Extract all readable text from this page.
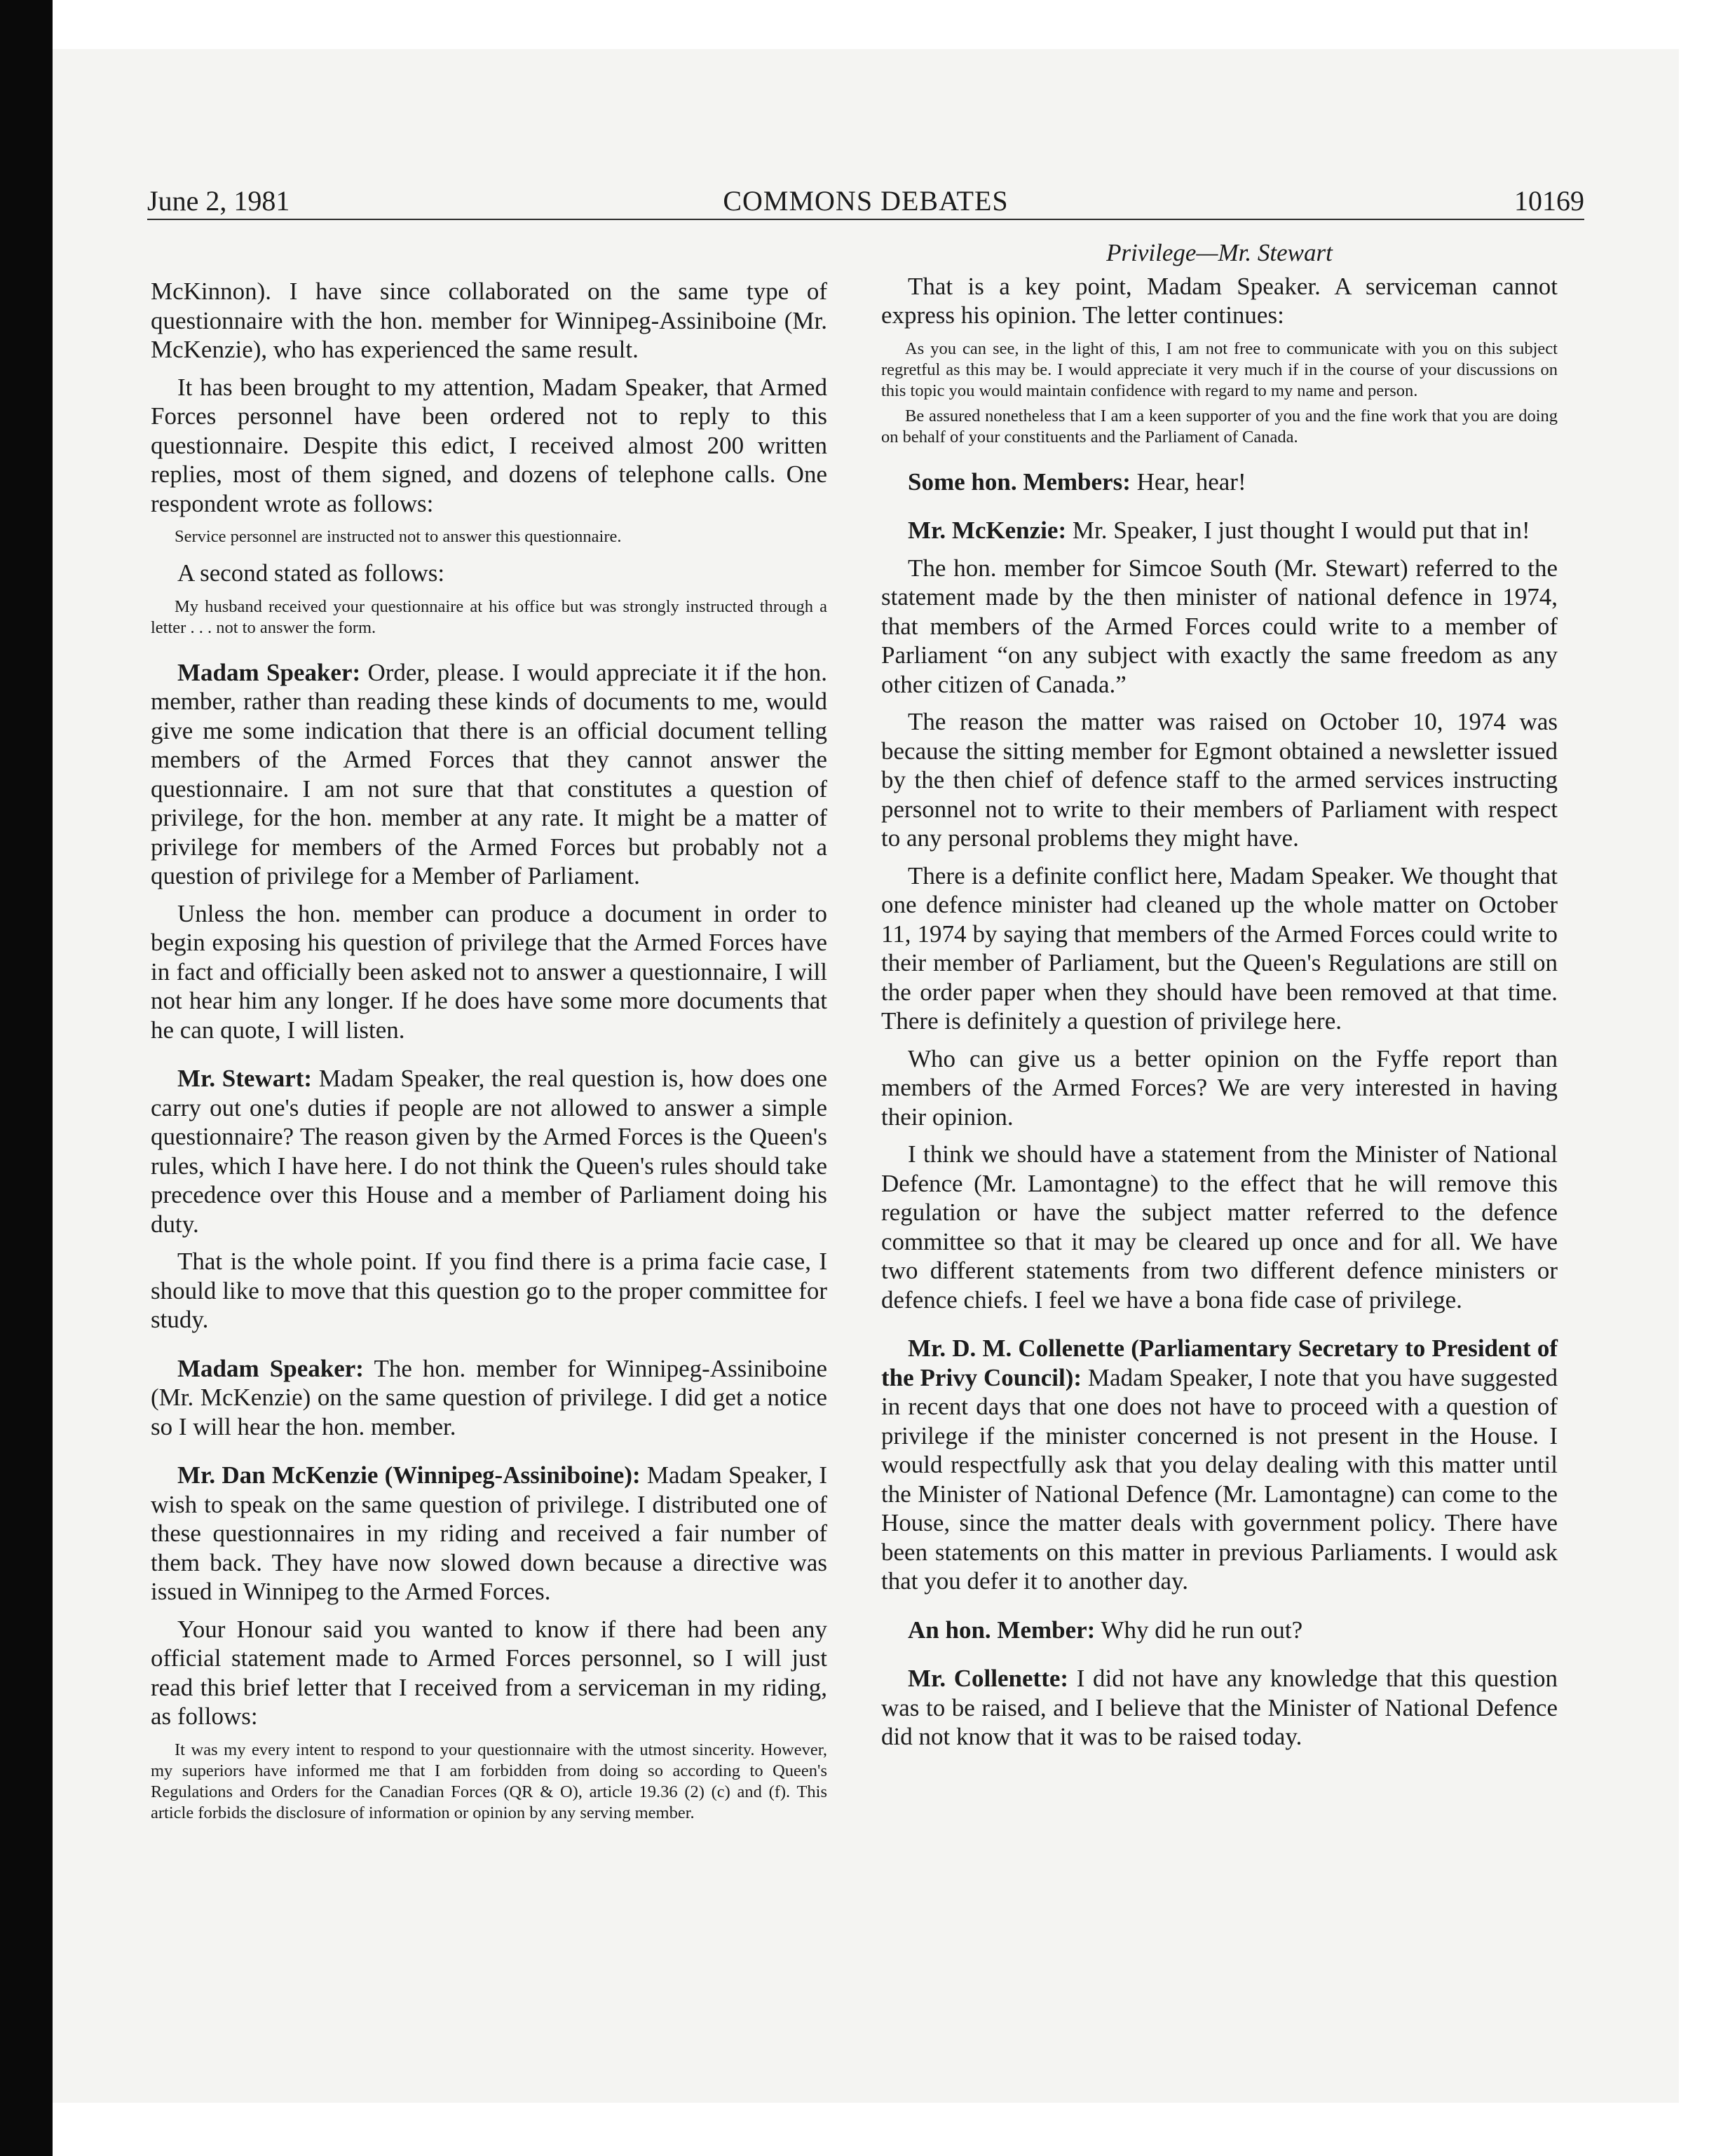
June 2, 1981	COMMONS DEBATES	10169

McKinnon). I have since collaborated on the same type of questionnaire with the hon. member for Winnipeg-Assiniboine (Mr. McKenzie), who has experienced the same result.

It has been brought to my attention, Madam Speaker, that Armed Forces personnel have been ordered not to reply to this questionnaire. Despite this edict, I received almost 200 written replies, most of them signed, and dozens of telephone calls. One respondent wrote as follows:

Service personnel are instructed not to answer this questionnaire.

A second stated as follows:

My husband received your questionnaire at his office but was strongly instructed through a letter . . . not to answer the form.

Madam Speaker: Order, please. I would appreciate it if the hon. member, rather than reading these kinds of documents to me, would give me some indication that there is an official document telling members of the Armed Forces that they cannot answer the questionnaire. I am not sure that that constitutes a question of privilege, for the hon. member at any rate. It might be a matter of privilege for members of the Armed Forces but probably not a question of privilege for a Member of Parliament.

Unless the hon. member can produce a document in order to begin exposing his question of privilege that the Armed Forces have in fact and officially been asked not to answer a questionnaire, I will not hear him any longer. If he does have some more documents that he can quote, I will listen.

Mr. Stewart: Madam Speaker, the real question is, how does one carry out one's duties if people are not allowed to answer a simple questionnaire? The reason given by the Armed Forces is the Queen's rules, which I have here. I do not think the Queen's rules should take precedence over this House and a member of Parliament doing his duty.

That is the whole point. If you find there is a prima facie case, I should like to move that this question go to the proper committee for study.

Madam Speaker: The hon. member for Winnipeg-Assiniboine (Mr. McKenzie) on the same question of privilege. I did get a notice so I will hear the hon. member.

Mr. Dan McKenzie (Winnipeg-Assiniboine): Madam Speaker, I wish to speak on the same question of privilege. I distributed one of these questionnaires in my riding and received a fair number of them back. They have now slowed down because a directive was issued in Winnipeg to the Armed Forces.

Your Honour said you wanted to know if there had been any official statement made to Armed Forces personnel, so I will just read this brief letter that I received from a serviceman in my riding, as follows:

It was my every intent to respond to your questionnaire with the utmost sincerity. However, my superiors have informed me that I am forbidden from doing so according to Queen's Regulations and Orders for the Canadian Forces (QR & O), article 19.36 (2) (c) and (f). This article forbids the disclosure of information or opinion by any serving member.

Privilege—Mr. Stewart

That is a key point, Madam Speaker. A serviceman cannot express his opinion. The letter continues:

As you can see, in the light of this, I am not free to communicate with you on this subject regretful as this may be. I would appreciate it very much if in the course of your discussions on this topic you would maintain confidence with regard to my name and person.

Be assured nonetheless that I am a keen supporter of you and the fine work that you are doing on behalf of your constituents and the Parliament of Canada.

Some hon. Members: Hear, hear!

Mr. McKenzie: Mr. Speaker, I just thought I would put that in!

The hon. member for Simcoe South (Mr. Stewart) referred to the statement made by the then minister of national defence in 1974, that members of the Armed Forces could write to a member of Parliament “on any subject with exactly the same freedom as any other citizen of Canada.”

The reason the matter was raised on October 10, 1974 was because the sitting member for Egmont obtained a newsletter issued by the then chief of defence staff to the armed services instructing personnel not to write to their members of Parliament with respect to any personal problems they might have.

There is a definite conflict here, Madam Speaker. We thought that one defence minister had cleaned up the whole matter on October 11, 1974 by saying that members of the Armed Forces could write to their member of Parliament, but the Queen's Regulations are still on the order paper when they should have been removed at that time. There is definitely a question of privilege here.

Who can give us a better opinion on the Fyffe report than members of the Armed Forces? We are very interested in having their opinion.

I think we should have a statement from the Minister of National Defence (Mr. Lamontagne) to the effect that he will remove this regulation or have the subject matter referred to the defence committee so that it may be cleared up once and for all. We have two different statements from two different defence ministers or defence chiefs. I feel we have a bona fide case of privilege.

Mr. D. M. Collenette (Parliamentary Secretary to President of the Privy Council): Madam Speaker, I note that you have suggested in recent days that one does not have to proceed with a question of privilege if the minister concerned is not present in the House. I would respectfully ask that you delay dealing with this matter until the Minister of National Defence (Mr. Lamontagne) can come to the House, since the matter deals with government policy. There have been statements on this matter in previous Parliaments. I would ask that you defer it to another day.

An hon. Member: Why did he run out?

Mr. Collenette: I did not have any knowledge that this question was to be raised, and I believe that the Minister of National Defence did not know that it was to be raised today.
